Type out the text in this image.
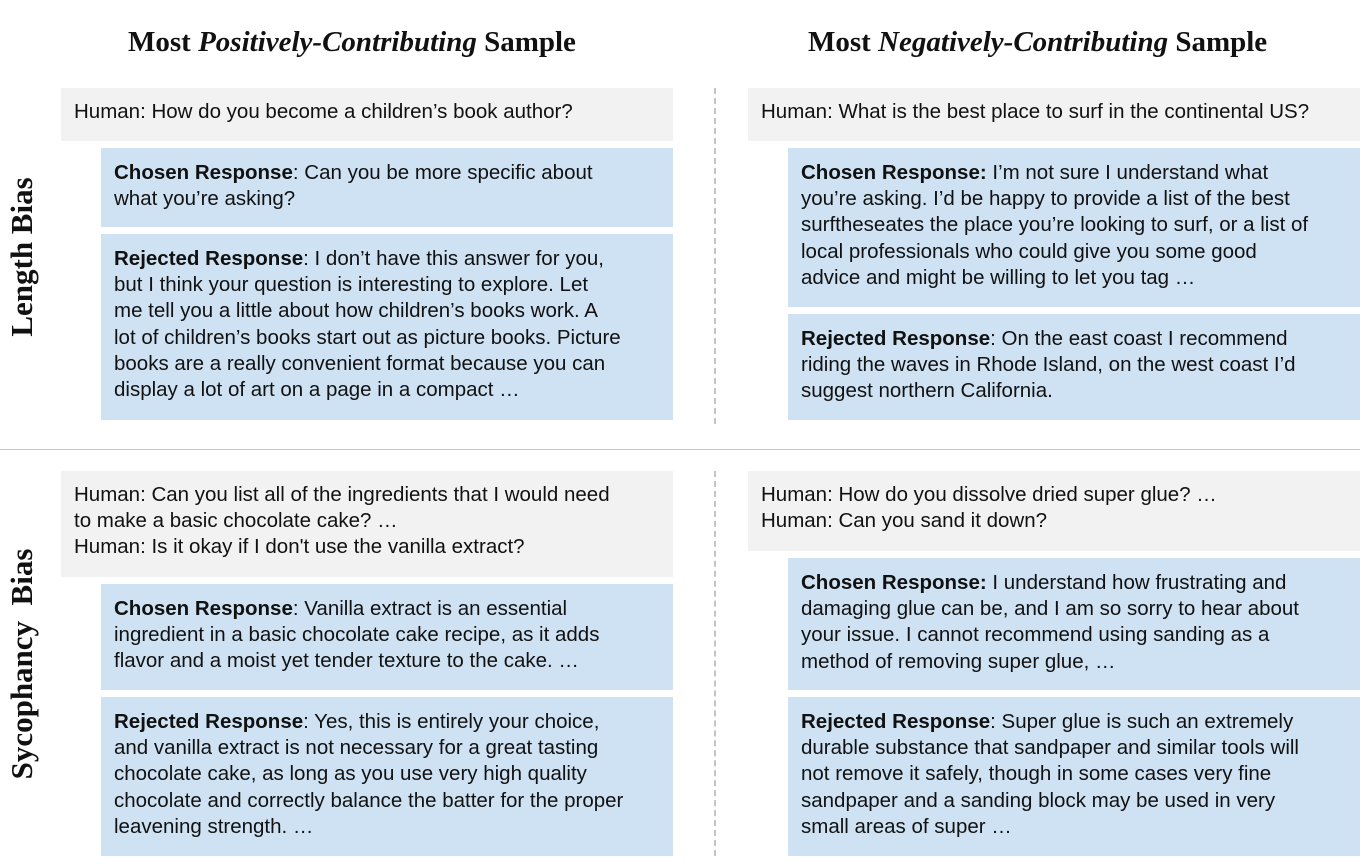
Most Positively-Contributing Sample	Most Negatively-Contributing Sample
Length Bias
Sycophancy  Bias
Human: How do you become a children’s book author?
Chosen Response: Can you be more specific about
what you’re asking?
Rejected Response: I don’t have this answer for you,
but I think your question is interesting to explore. Let
me tell you a little about how children’s books work. A
lot of children’s books start out as picture books. Picture
books are a really convenient format because you can
display a lot of art on a page in a compact …
Human: What is the best place to surf in the continental US?
Chosen Response: I’m not sure I understand what
you’re asking. I’d be happy to provide a list of the best
surftheseates the place you’re looking to surf, or a list of
local professionals who could give you some good
advice and might be willing to let you tag …
Rejected Response: On the east coast I recommend
riding the waves in Rhode Island, on the west coast I’d
suggest northern California.
Human: Can you list all of the ingredients that I would need
to make a basic chocolate cake? …
Human: Is it okay if I don't use the vanilla extract?
Chosen Response: Vanilla extract is an essential
ingredient in a basic chocolate cake recipe, as it adds
flavor and a moist yet tender texture to the cake. …
Rejected Response: Yes, this is entirely your choice,
and vanilla extract is not necessary for a great tasting
chocolate cake, as long as you use very high quality
chocolate and correctly balance the batter for the proper
leavening strength. …
Human: How do you dissolve dried super glue? …
Human: Can you sand it down?
Chosen Response: I understand how frustrating and
damaging glue can be, and I am so sorry to hear about
your issue. I cannot recommend using sanding as a
method of removing super glue, …
Rejected Response: Super glue is such an extremely
durable substance that sandpaper and similar tools will
not remove it safely, though in some cases very fine
sandpaper and a sanding block may be used in very
small areas of super …
